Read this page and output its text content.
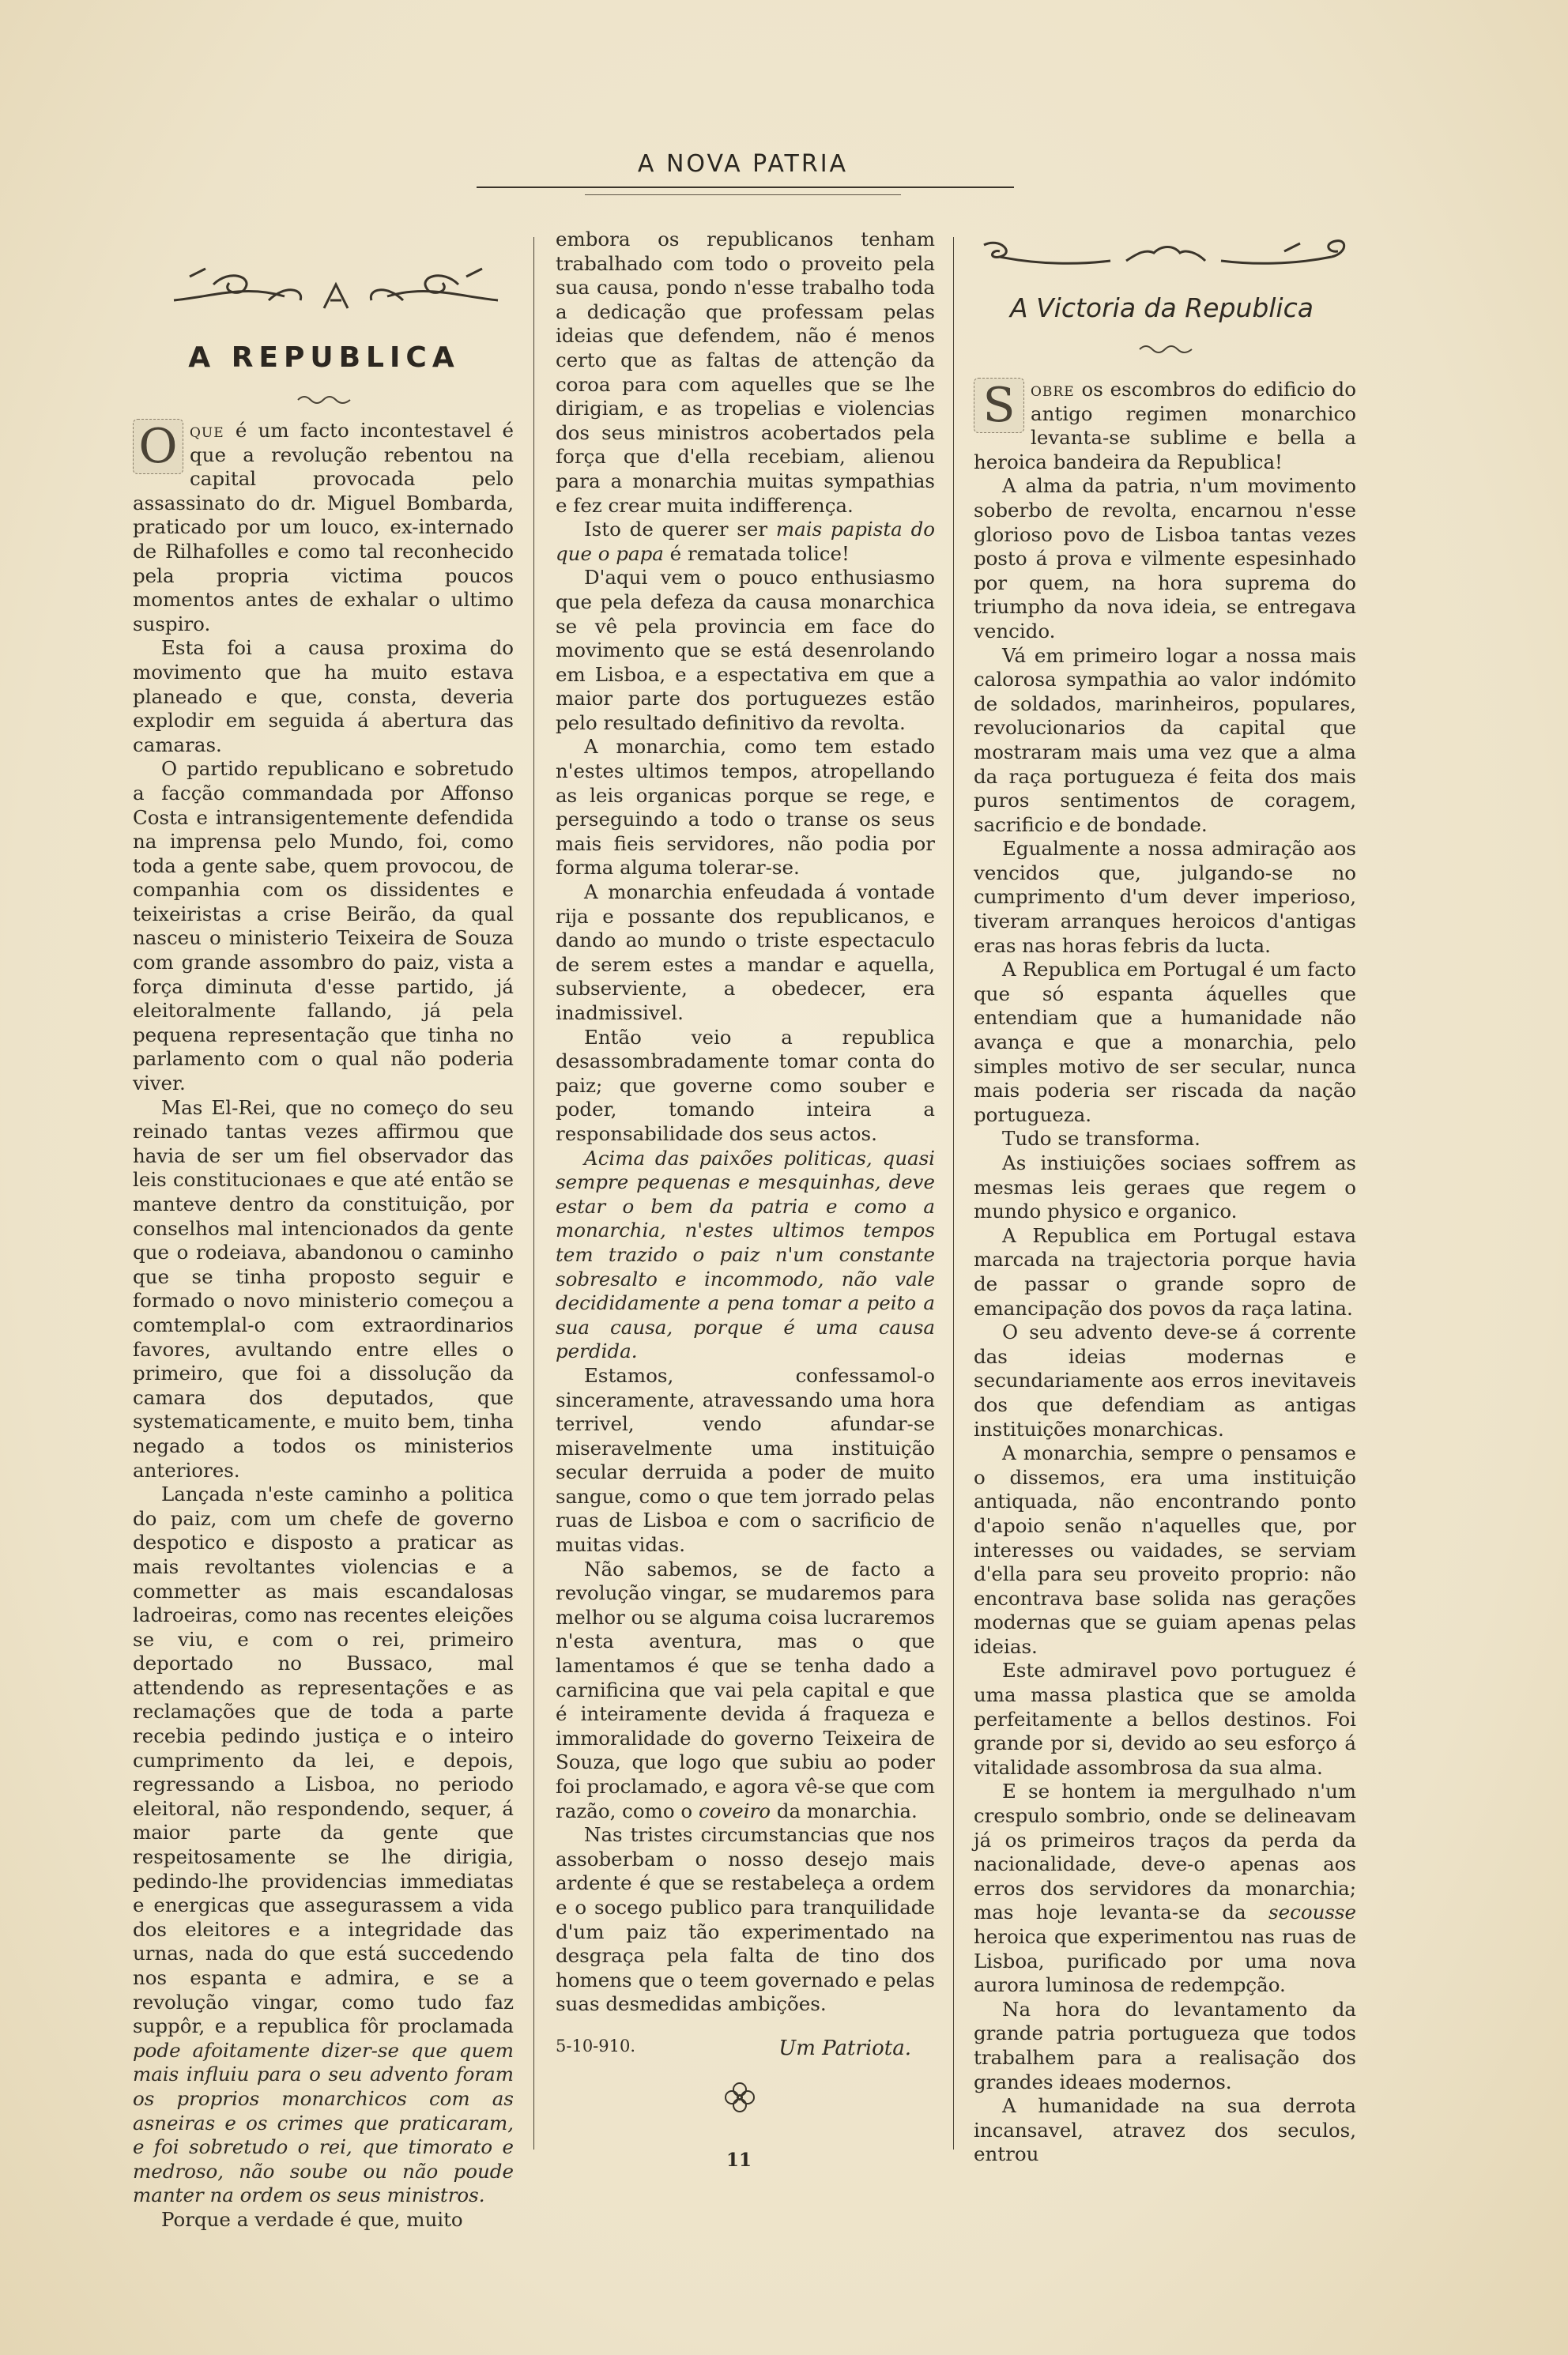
A NOVA PATRIA
A REPUBLICA

O que é um facto incontestavel é que a revolução rebentou na capital provocada pelo assassinato do dr. Miguel Bombarda, praticado por um louco, ex-internado de Rilhafolles e como tal reconhecido pela propria victima poucos momentos antes de exhalar o ultimo suspiro.

Esta foi a causa proxima do movimento que ha muito estava planeado e que, consta, deveria explodir em seguida á abertura das camaras.

O partido republicano e sobretudo a facção commandada por Affonso Costa e intransigentemente defendida na imprensa pelo Mundo, foi, como toda a gente sabe, quem provocou, de companhia com os dissidentes e teixeiristas a crise Beirão, da qual nasceu o ministerio Teixeira de Souza com grande assombro do paiz, vista a força diminuta d'esse partido, já eleitoralmente fallando, já pela pequena representação que tinha no parlamento com o qual não poderia viver.

Mas El-Rei, que no começo do seu reinado tantas vezes affirmou que havia de ser um fiel observador das leis constitucionaes e que até então se manteve dentro da constituição, por conselhos mal intencionados da gente que o rodeiava, abandonou o caminho que se tinha proposto seguir e formado o novo ministerio começou a comtemplal-o com extraordinarios favores, avultando entre elles o primeiro, que foi a dissolução da camara dos deputados, que systematicamente, e muito bem, tinha negado a todos os ministerios anteriores.

Lançada n'este caminho a politica do paiz, com um chefe de governo despotico e disposto a praticar as mais revoltantes violencias e a commetter as mais escandalosas ladroeiras, como nas recentes eleições se viu, e com o rei, primeiro deportado no Bussaco, mal attendendo as representações e as reclamações que de toda a parte recebia pedindo justiça e o inteiro cumprimento da lei, e depois, regressando a Lisboa, no periodo eleitoral, não respondendo, sequer, á maior parte da gente que respeitosamente se lhe dirigia, pedindo-lhe providencias immediatas e energicas que assegurassem a vida dos eleitores e a integridade das urnas, nada do que está succedendo nos espanta e admira, e se a revolução vingar, como tudo faz suppôr, e a republica fôr proclamada pode afoitamente dizer-se que quem mais influiu para o seu advento foram os proprios monarchicos com as asneiras e os crimes que praticaram, e foi sobretudo o rei, que timorato e medroso, não soube ou não poude manter na ordem os seus ministros.

Porque a verdade é que, muito

embora os republicanos tenham trabalhado com todo o proveito pela sua causa, pondo n'esse trabalho toda a dedicação que professam pelas ideias que defendem, não é menos certo que as faltas de attenção da coroa para com aquelles que se lhe dirigiam, e as tropelias e violencias dos seus ministros acobertados pela força que d'ella recebiam, alienou para a monarchia muitas sympathias e fez crear muita indifferença.

Isto de querer ser mais papista do que o papa é rematada tolice!

D'aqui vem o pouco enthusiasmo que pela defeza da causa monarchica se vê pela provincia em face do movimento que se está desenrolando em Lisboa, e a espectativa em que a maior parte dos portuguezes estão pelo resultado definitivo da revolta.

A monarchia, como tem estado n'estes ultimos tempos, atropellando as leis organicas porque se rege, e perseguindo a todo o transe os seus mais fieis servidores, não podia por forma alguma tolerar-se.

A monarchia enfeudada á vontade rija e possante dos republicanos, e dando ao mundo o triste espectaculo de serem estes a mandar e aquella, subserviente, a obedecer, era inadmissivel.

Então veio a republica desassombradamente tomar conta do paiz; que governe como souber e poder, tomando inteira a responsabilidade dos seus actos.

Acima das paixões politicas, quasi sempre pequenas e mesquinhas, deve estar o bem da patria e como a monarchia, n'estes ultimos tempos tem trazido o paiz n'um constante sobresalto e incommodo, não vale decididamente a pena tomar a peito a sua causa, porque é uma causa perdida.

Estamos, confessamol-o sinceramente, atravessando uma hora terrivel, vendo afundar-se miseravelmente uma instituição secular derruida a poder de muito sangue, como o que tem jorrado pelas ruas de Lisboa e com o sacrificio de muitas vidas.

Não sabemos, se de facto a revolução vingar, se mudaremos para melhor ou se alguma coisa lucraremos n'esta aventura, mas o que lamentamos é que se tenha dado a carnificina que vai pela capital e que é inteiramente devida á fraqueza e immoralidade do governo Teixeira de Souza, que logo que subiu ao poder foi proclamado, e agora vê-se que com razão, como o coveiro da monarchia.

Nas tristes circumstancias que nos assoberbam o nosso desejo mais ardente é que se restabeleça a ordem e o socego publico para tranquilidade d'um paiz tão experimentado na desgraça pela falta de tino dos homens que o teem governado e pelas suas desmedidas ambições.

5-10-910.	Um Patriota.

11
A Victoria da Republica

S obre os escombros do edificio do antigo regimen monarchico levanta-se sublime e bella a heroica bandeira da Republica!

A alma da patria, n'um movimento soberbo de revolta, encarnou n'esse glorioso povo de Lisboa tantas vezes posto á prova e vilmente espesinhado por quem, na hora suprema do triumpho da nova ideia, se entregava vencido.

Vá em primeiro logar a nossa mais calorosa sympathia ao valor indómito de soldados, marinheiros, populares, revolucionarios da capital que mostraram mais uma vez que a alma da raça portugueza é feita dos mais puros sentimentos de coragem, sacrificio e de bondade.

Egualmente a nossa admiração aos vencidos que, julgando-se no cumprimento d'um dever imperioso, tiveram arranques heroicos d'antigas eras nas horas febris da lucta.

A Republica em Portugal é um facto que só espanta áquelles que entendiam que a humanidade não avança e que a monarchia, pelo simples motivo de ser secular, nunca mais poderia ser riscada da nação portugueza.

Tudo se transforma.

As instiuições sociaes soffrem as mesmas leis geraes que regem o mundo physico e organico.

A Republica em Portugal estava marcada na trajectoria porque havia de passar o grande sopro de emancipação dos povos da raça latina.

O seu advento deve-se á corrente das ideias modernas e secundariamente aos erros inevitaveis dos que defendiam as antigas instituições monarchicas.

A monarchia, sempre o pensamos e o dissemos, era uma instituição antiquada, não encontrando ponto d'apoio senão n'aquelles que, por interesses ou vaidades, se serviam d'ella para seu proveito proprio: não encontrava base solida nas gerações modernas que se guiam apenas pelas ideias.

Este admiravel povo portuguez é uma massa plastica que se amolda perfeitamente a bellos destinos. Foi grande por si, devido ao seu esforço á vitalidade assombrosa da sua alma.

E se hontem ia mergulhado n'um crespulo sombrio, onde se delineavam já os primeiros traços da perda da nacionalidade, deve-o apenas aos erros dos servidores da monarchia; mas hoje levanta-se da secousse heroica que experimentou nas ruas de Lisboa, purificado por uma nova aurora luminosa de redempção.

Na hora do levantamento da grande patria portugueza que todos trabalhem para a realisação dos grandes ideaes modernos.

A humanidade na sua derrota incansavel, atravez dos seculos, entrou
